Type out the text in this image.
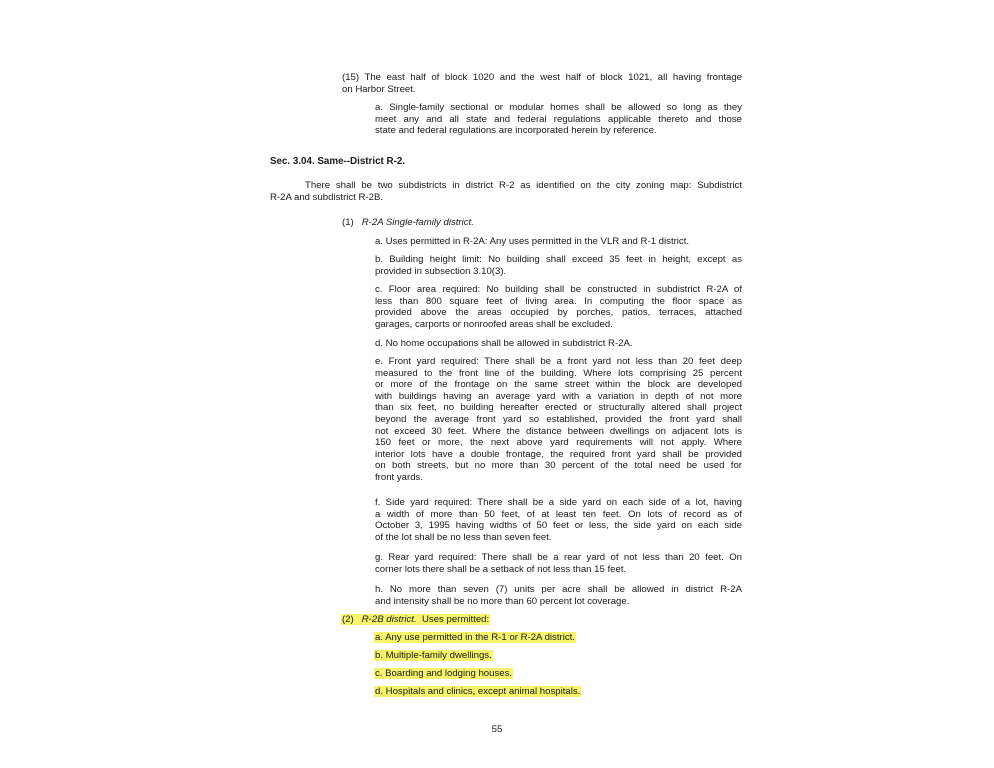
(15) The east half of block 1020 and the west half of block 1021, all having frontage
on Harbor Street.
a. Single-family sectional or modular homes shall be allowed so long as they
meet any and all state and federal regulations applicable thereto and those
state and federal regulations are incorporated herein by reference.
Sec. 3.04. Same--District R-2.
There shall be two subdistricts in district R-2 as identified on the city zoning map: Subdistrict
R-2A and subdistrict R-2B.
(1) R-2A Single-family district.
a. Uses permitted in R-2A: Any uses permitted in the VLR and R-1 district.
b. Building height limit: No building shall exceed 35 feet in height, except as
provided in subsection 3.10(3).
c. Floor area required: No building shall be constructed in subdistrict R-2A of
less than 800 square feet of living area. In computing the floor space as
provided above the areas occupied by porches, patios, terraces, attached
garages, carports or nonroofed areas shall be excluded.
d. No home occupations shall be allowed in subdistrict R-2A.
e. Front yard required: There shall be a front yard not less than 20 feet deep
measured to the front line of the building. Where lots comprising 25 percent
or more of the frontage on the same street within the block are developed
with buildings having an average yard with a variation in depth of not more
than six feet, no building hereafter erected or structurally altered shall project
beyond the average front yard so established, provided the front yard shall
not exceed 30 feet. Where the distance between dwellings on adjacent lots is
150 feet or more, the next above yard requirements will not apply. Where
interior lots have a double frontage, the required front yard shall be provided
on both streets, but no more than 30 percent of the total need be used for
front yards.
f. Side yard required: There shall be a side yard on each side of a lot, having
a width of more than 50 feet, of at least ten feet. On lots of record as of
October 3, 1995 having widths of 50 feet or less, the side yard on each side
of the lot shall be no less than seven feet.
g. Rear yard required: There shall be a rear yard of not less than 20 feet. On
corner lots there shall be a setback of not less than 15 feet.
h. No more than seven (7) units per acre shall be allowed in district R-2A
and intensity shall be no more than 60 percent lot coverage.
(2) R-2B district. Uses permitted:
a. Any use permitted in the R-1 or R-2A district.
b. Multiple-family dwellings.
c. Boarding and lodging houses.
d. Hospitals and clinics, except animal hospitals.
55
